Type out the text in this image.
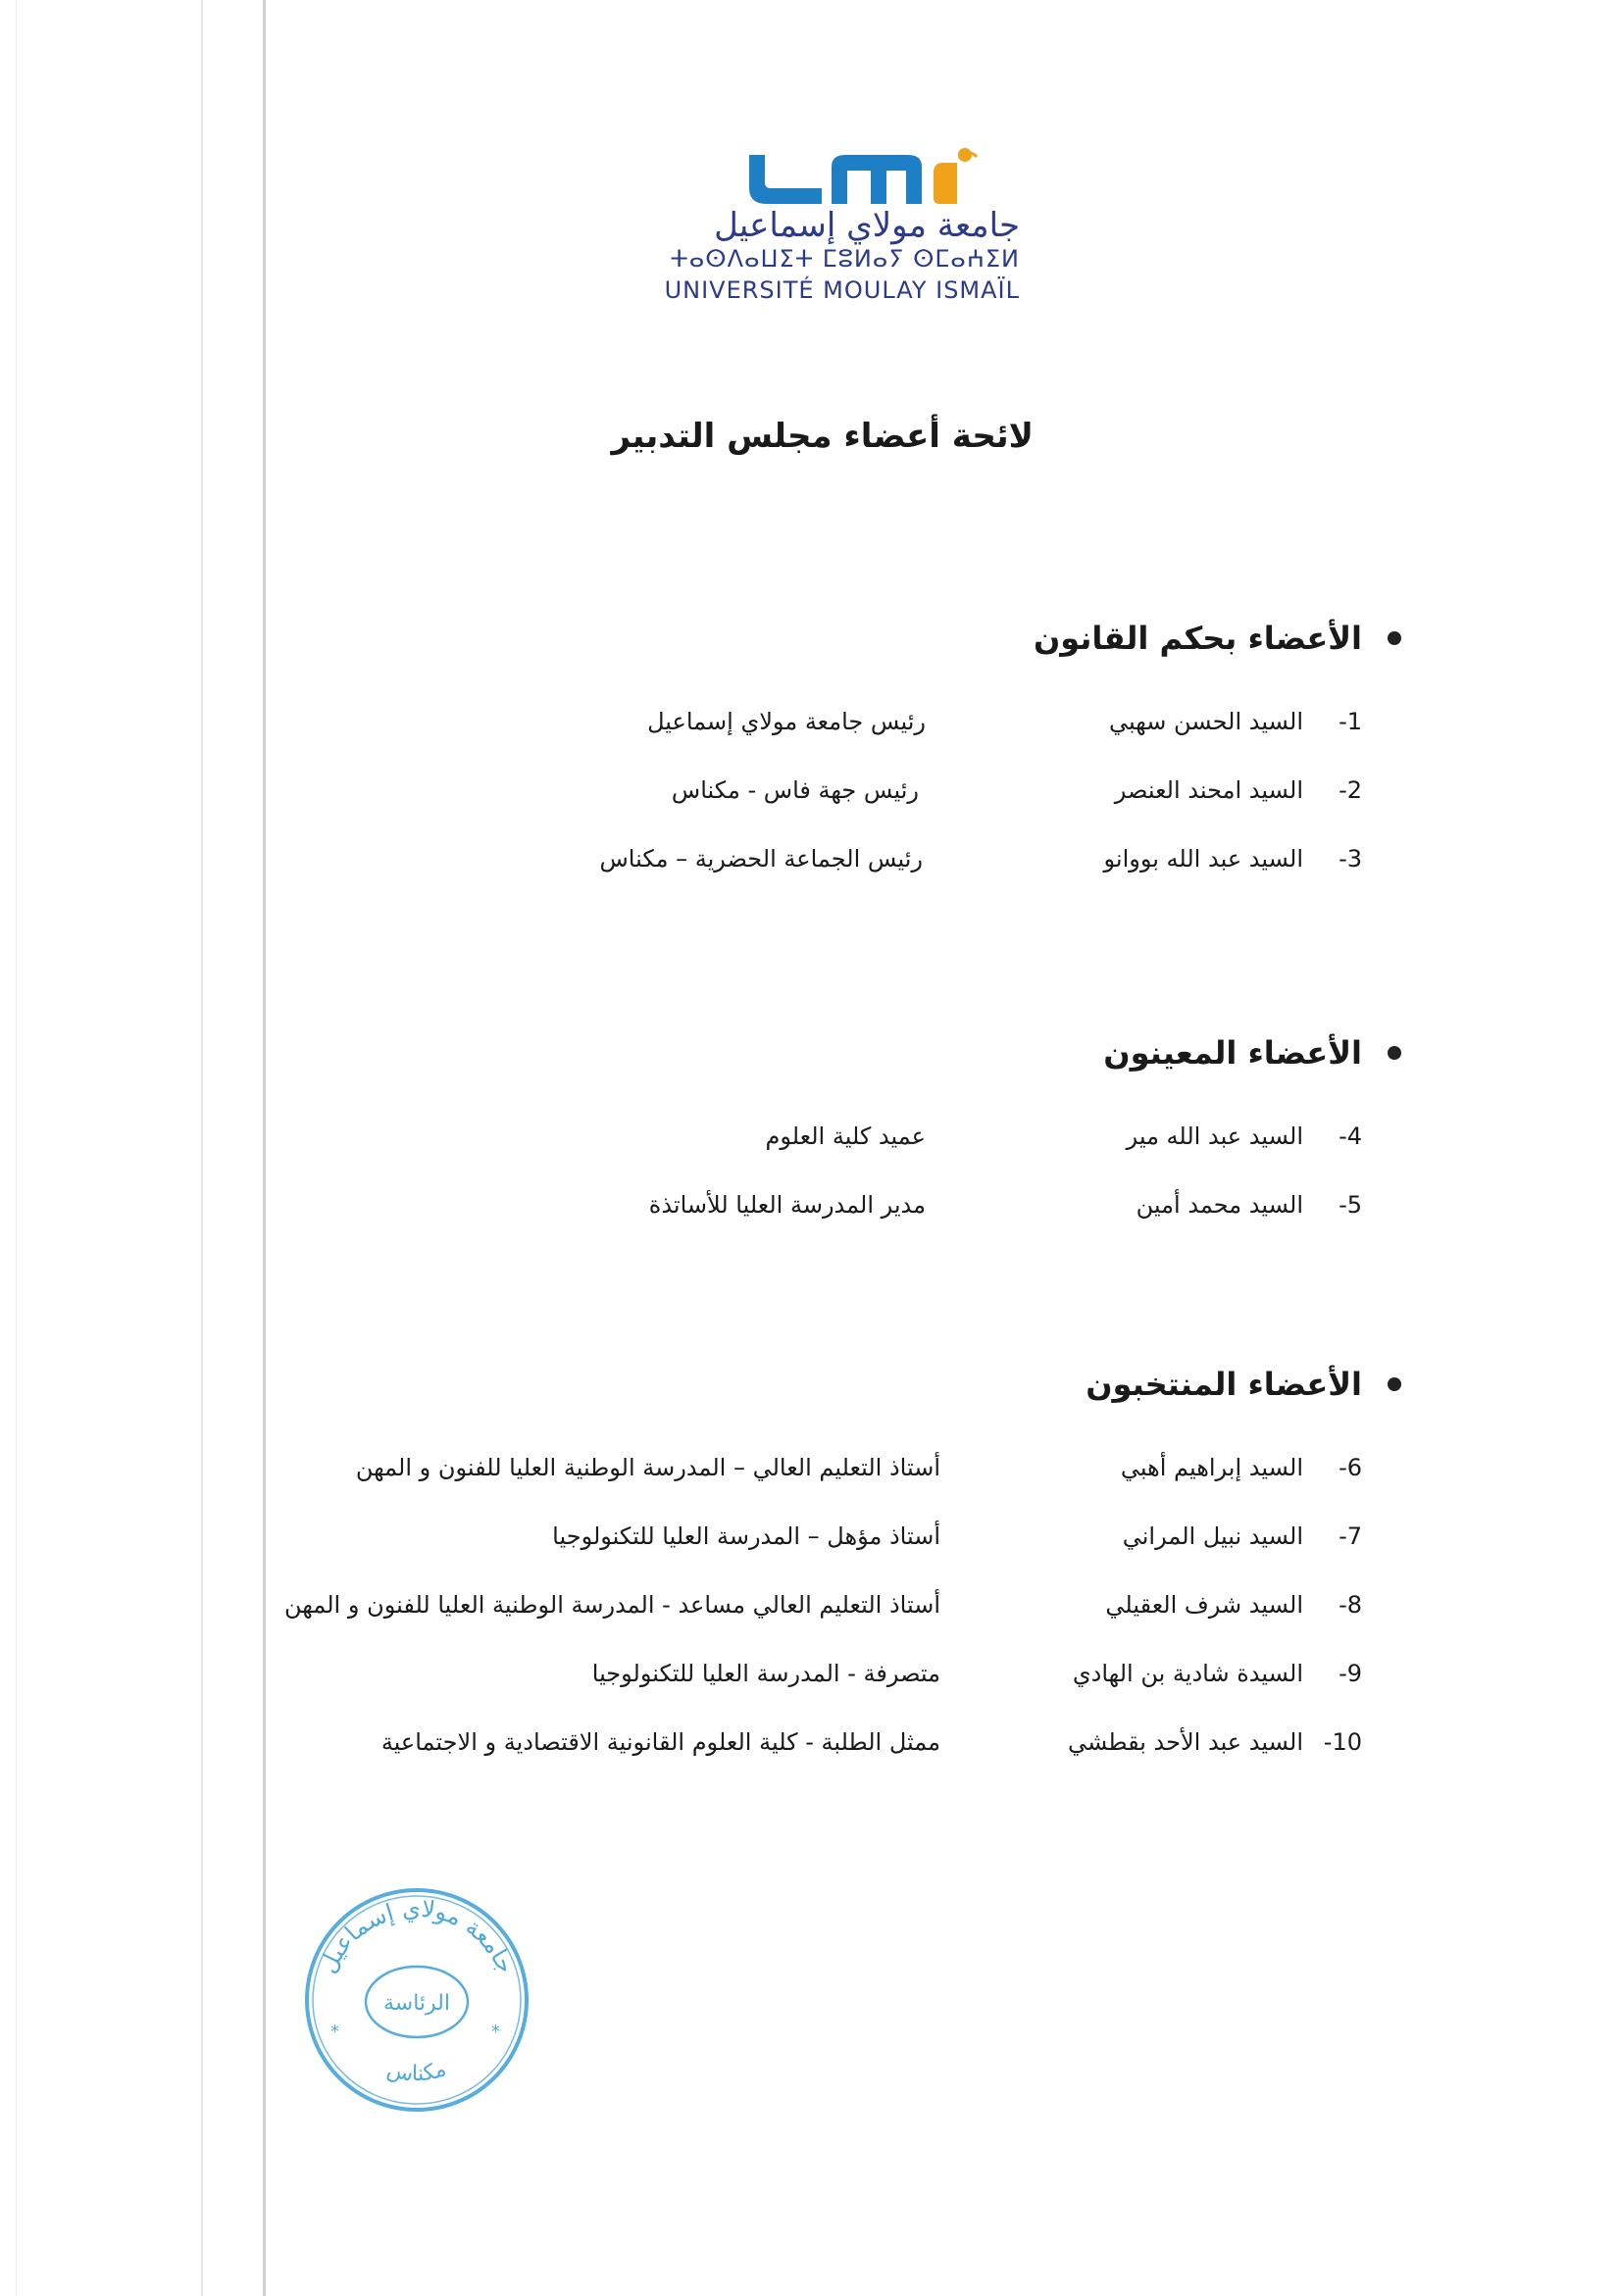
جامعة مولاي إسماعيل
ⵜⴰⵙⴷⴰⵡⵉⵜ ⵎⵓⵍⴰⵢ ⵙⵎⴰⵄⵉⵍ
UNIVERSITÉ MOULAY ISMAÏL
لائحة أعضاء مجلس التدبير
الأعضاء بحكم القانون
-1
السيد الحسن سهبي
رئيس جامعة مولاي إسماعيل
-2
السيد امحند العنصر
رئيس جهة فاس - مكناس
-3
السيد عبد الله بووانو
رئيس الجماعة الحضرية – مكناس
الأعضاء المعينون
-4
السيد عبد الله مير
عميد كلية العلوم
-5
السيد محمد أمين
مدير المدرسة العليا للأساتذة
الأعضاء المنتخبون
-6
السيد إبراهيم أهبي
أستاذ التعليم العالي – المدرسة الوطنية العليا للفنون و المهن
-7
السيد نبيل المراني
أستاذ مؤهل – المدرسة العليا للتكنولوجيا
-8
السيد شرف العقيلي
أستاذ التعليم العالي مساعد - المدرسة الوطنية العليا للفنون و المهن
-9
السيدة شادية بن الهادي
متصرفة - المدرسة العليا للتكنولوجيا
-10
السيد عبد الأحد بقطشي
ممثل الطلبة - كلية العلوم القانونية الاقتصادية و الاجتماعية
جامعة مولاي إسماعيل
الرئاسة
مكناس
*	*
